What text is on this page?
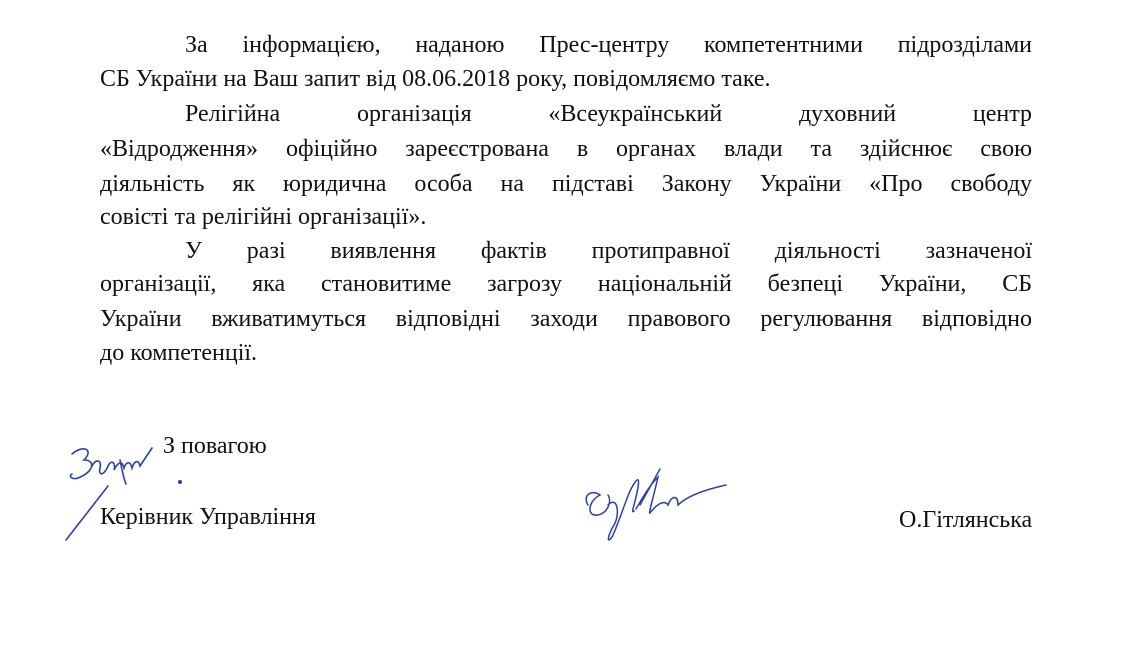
За інформацією, наданою Прес-центру компетентними підрозділами
СБ України на Ваш запит від 08.06.2018 року, повідомляємо таке.
Релігійна організація «Всеукраїнський духовний центр
«Відродження» офіційно зареєстрована в органах влади та здійснює свою
діяльність як юридична особа на підставі Закону України «Про свободу
совісті та релігійні організації».
У разі виявлення фактів протиправної діяльності зазначеної
організації, яка становитиме загрозу національній безпеці України, СБ
України вживатимуться відповідні заходи правового регулювання відповідно
до компетенції.
З повагою
Керівник Управління	О.Гітлянська
